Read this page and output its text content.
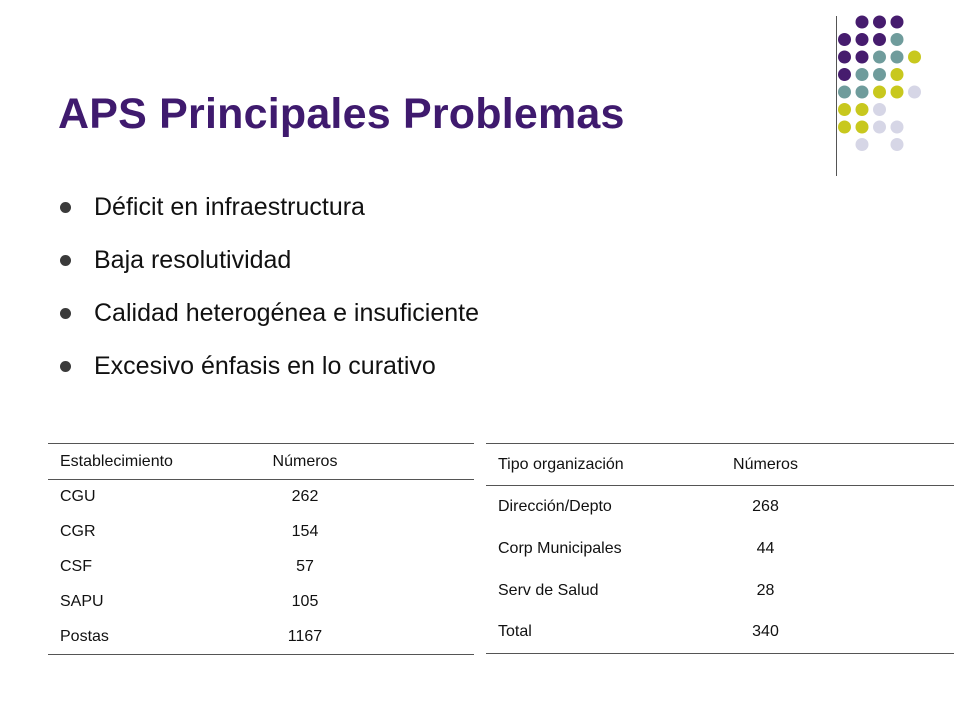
APS Principales Problemas
Déficit en infraestructura
Baja resolutividad
Calidad heterogénea e insuficiente
Excesivo énfasis en lo curativo
Establecimiento	Números	
CGU	262	
CGR	154	
CSF	57	
SAPU	105	
Postas	1167	
Tipo organización	Números	
Dirección/Depto	268	
Corp Municipales	44	
Serv de Salud	28	
Total	340	
